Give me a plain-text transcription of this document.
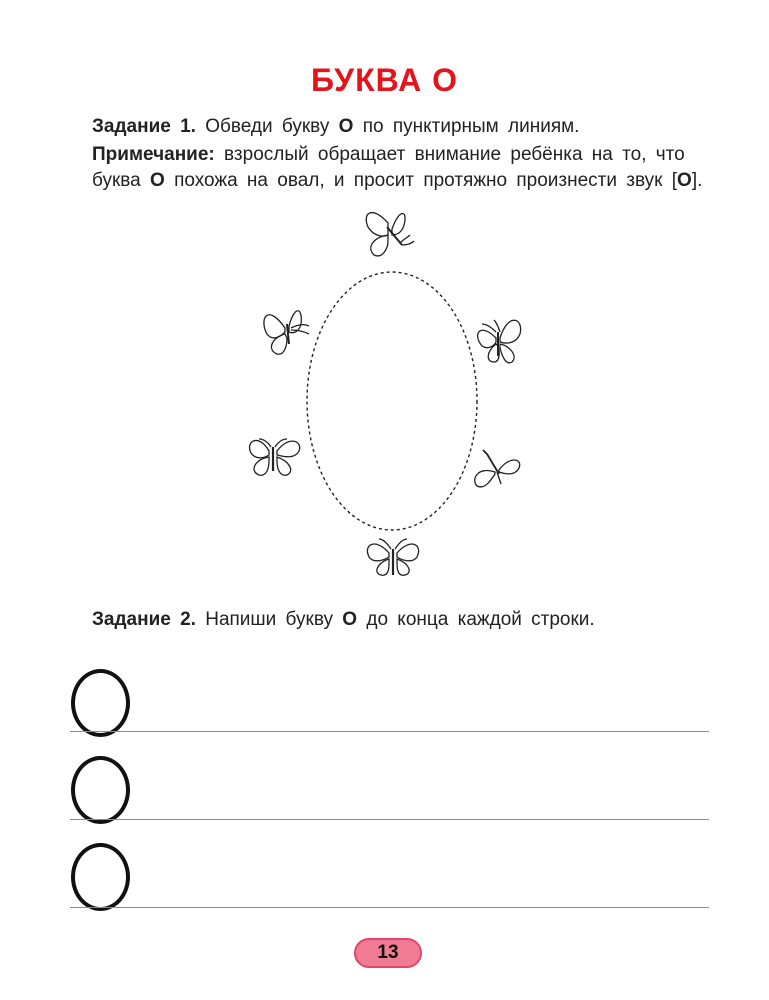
БУКВА О
Задание 1. Обведи букву О по пунктирным линиям.
Примечание: взрослый обращает внимание ребёнка на то, что
буква О похожа на овал, и просит протяжно произнести звук [О].
Задание 2. Напиши букву О до конца каждой строки.
13
